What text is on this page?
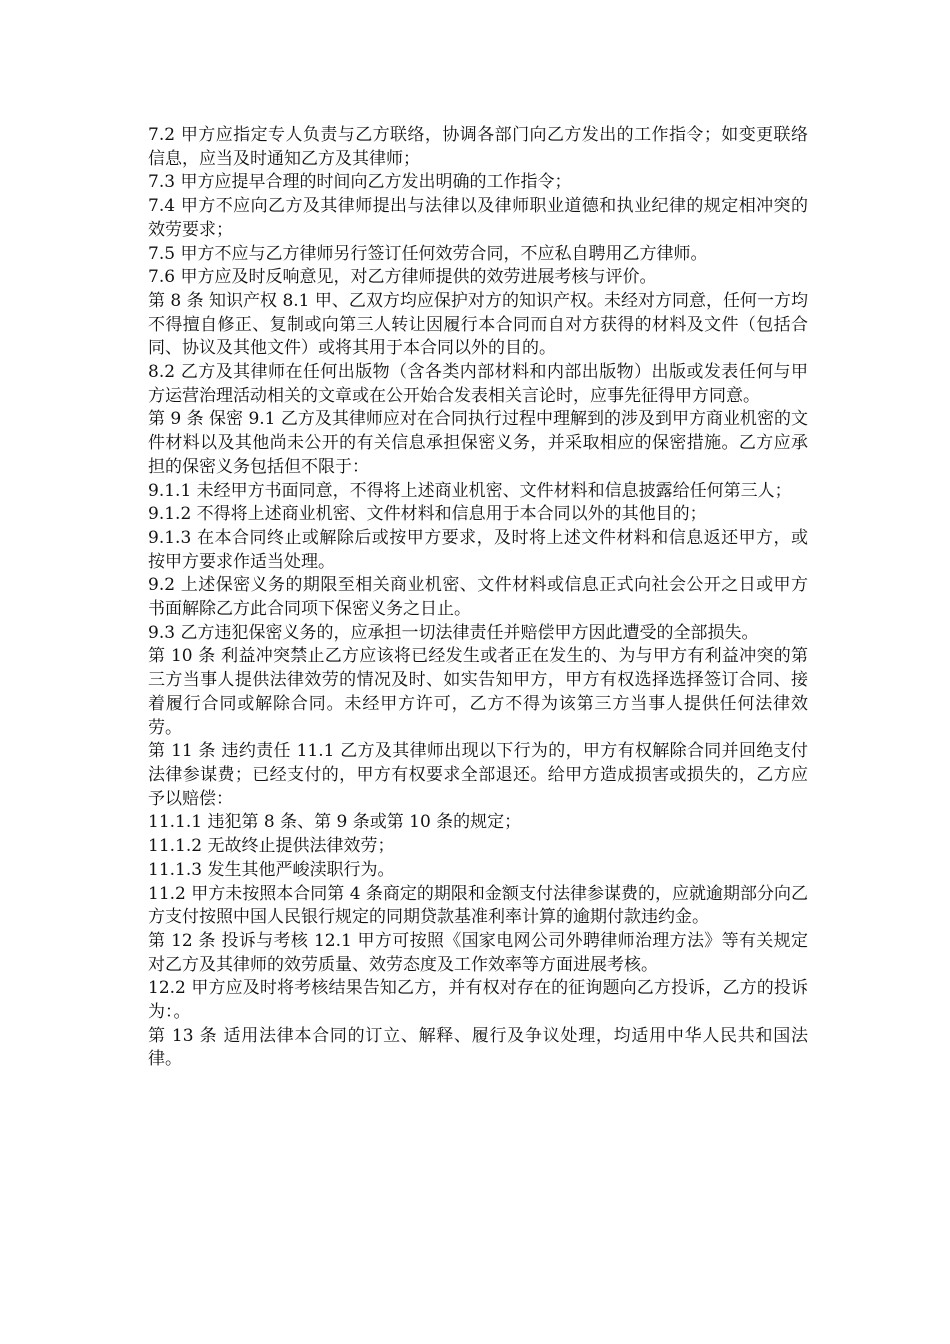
7.2 甲方应指定专人负责与乙方联络，协调各部门向乙方发出的工作指令；如变更联络信息，应当及时通知乙方及其律师；

7.3 甲方应提早合理的时间向乙方发出明确的工作指令；

7.4 甲方不应向乙方及其律师提出与法律以及律师职业道德和执业纪律的规定相冲突的效劳要求；

7.5 甲方不应与乙方律师另行签订任何效劳合同，不应私自聘用乙方律师。

7.6 甲方应及时反响意见，对乙方律师提供的效劳进展考核与评价。

第 8 条 知识产权 8.1 甲、乙双方均应保护对方的知识产权。未经对方同意，任何一方均不得擅自修正、复制或向第三人转让因履行本合同而自对方获得的材料及文件（包括合同、协议及其他文件）或将其用于本合同以外的目的。

8.2 乙方及其律师在任何出版物（含各类内部材料和内部出版物）出版或发表任何与甲方运营治理活动相关的文章或在公开始合发表相关言论时，应事先征得甲方同意。

第 9 条 保密 9.1 乙方及其律师应对在合同执行过程中理解到的涉及到甲方商业机密的文件材料以及其他尚未公开的有关信息承担保密义务，并采取相应的保密措施。乙方应承担的保密义务包括但不限于：

9.1.1 未经甲方书面同意，不得将上述商业机密、文件材料和信息披露给任何第三人；

9.1.2 不得将上述商业机密、文件材料和信息用于本合同以外的其他目的；

9.1.3 在本合同终止或解除后或按甲方要求，及时将上述文件材料和信息返还甲方，或按甲方要求作适当处理。

9.2 上述保密义务的期限至相关商业机密、文件材料或信息正式向社会公开之日或甲方书面解除乙方此合同项下保密义务之日止。

9.3 乙方违犯保密义务的，应承担一切法律责任并赔偿甲方因此遭受的全部损失。

第 10 条 利益冲突禁止乙方应该将已经发生或者正在发生的、为与甲方有利益冲突的第三方当事人提供法律效劳的情况及时、如实告知甲方，甲方有权选择选择签订合同、接着履行合同或解除合同。未经甲方许可，乙方不得为该第三方当事人提供任何法律效劳。

第 11 条 违约责任 11.1 乙方及其律师出现以下行为的，甲方有权解除合同并回绝支付法律参谋费；已经支付的，甲方有权要求全部退还。给甲方造成损害或损失的，乙方应予以赔偿：

11.1.1 违犯第 8 条、第 9 条或第 10 条的规定；

11.1.2 无故终止提供法律效劳；

11.1.3 发生其他严峻渎职行为。

11.2 甲方未按照本合同第 4 条商定的期限和金额支付法律参谋费的，应就逾期部分向乙方支付按照中国人民银行规定的同期贷款基准利率计算的逾期付款违约金。

第 12 条 投诉与考核 12.1 甲方可按照《国家电网公司外聘律师治理方法》等有关规定对乙方及其律师的效劳质量、效劳态度及工作效率等方面进展考核。

12.2 甲方应及时将考核结果告知乙方，并有权对存在的征询题向乙方投诉，乙方的投诉为：。

第 13 条 适用法律本合同的订立、解释、履行及争议处理，均适用中华人民共和国法律。
